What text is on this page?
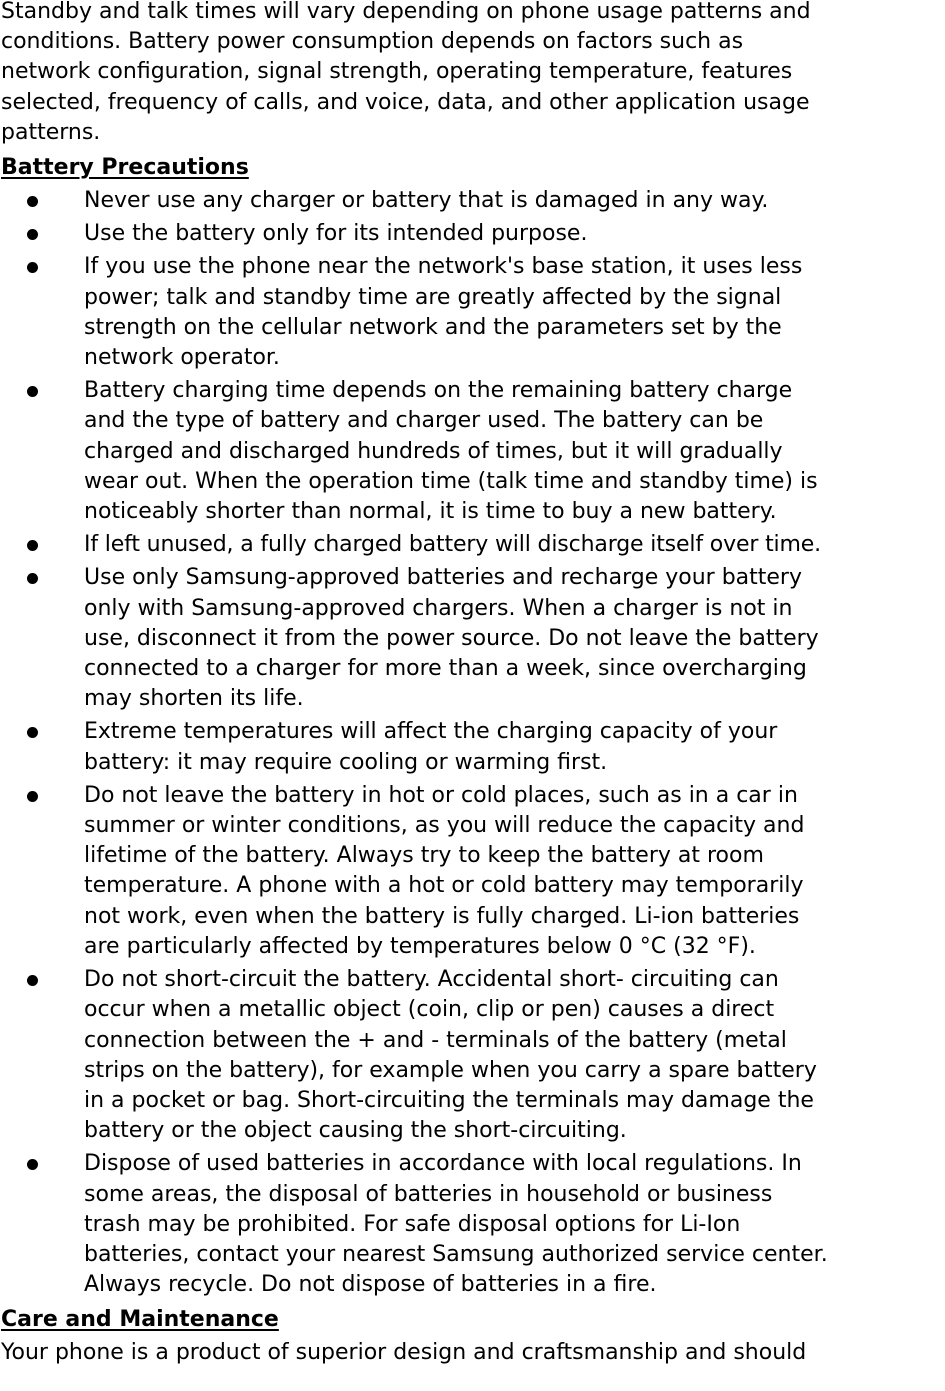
Standby and talk times will vary depending on phone usage patterns and
conditions. Battery power consumption depends on factors such as
network configuration, signal strength, operating temperature, features
selected, frequency of calls, and voice, data, and other application usage
patterns.

Battery Precautions
Never use any charger or battery that is damaged in any way.
Use the battery only for its intended purpose.
If you use the phone near the network's base station, it uses less
power; talk and standby time are greatly affected by the signal
strength on the cellular network and the parameters set by the
network operator.
Battery charging time depends on the remaining battery charge
and the type of battery and charger used. The battery can be
charged and discharged hundreds of times, but it will gradually
wear out. When the operation time (talk time and standby time) is
noticeably shorter than normal, it is time to buy a new battery.
If left unused, a fully charged battery will discharge itself over time.
Use only Samsung-approved batteries and recharge your battery
only with Samsung-approved chargers. When a charger is not in
use, disconnect it from the power source. Do not leave the battery
connected to a charger for more than a week, since overcharging
may shorten its life.
Extreme temperatures will affect the charging capacity of your
battery: it may require cooling or warming first.
Do not leave the battery in hot or cold places, such as in a car in
summer or winter conditions, as you will reduce the capacity and
lifetime of the battery. Always try to keep the battery at room
temperature. A phone with a hot or cold battery may temporarily
not work, even when the battery is fully charged. Li-ion batteries
are particularly affected by temperatures below 0 °C (32 °F).
Do not short-circuit the battery. Accidental short- circuiting can
occur when a metallic object (coin, clip or pen) causes a direct
connection between the + and - terminals of the battery (metal
strips on the battery), for example when you carry a spare battery
in a pocket or bag. Short-circuiting the terminals may damage the
battery or the object causing the short-circuiting.
Dispose of used batteries in accordance with local regulations. In
some areas, the disposal of batteries in household or business
trash may be prohibited. For safe disposal options for Li-Ion
batteries, contact your nearest Samsung authorized service center.
Always recycle. Do not dispose of batteries in a fire.
Care and Maintenance

Your phone is a product of superior design and craftsmanship and should
